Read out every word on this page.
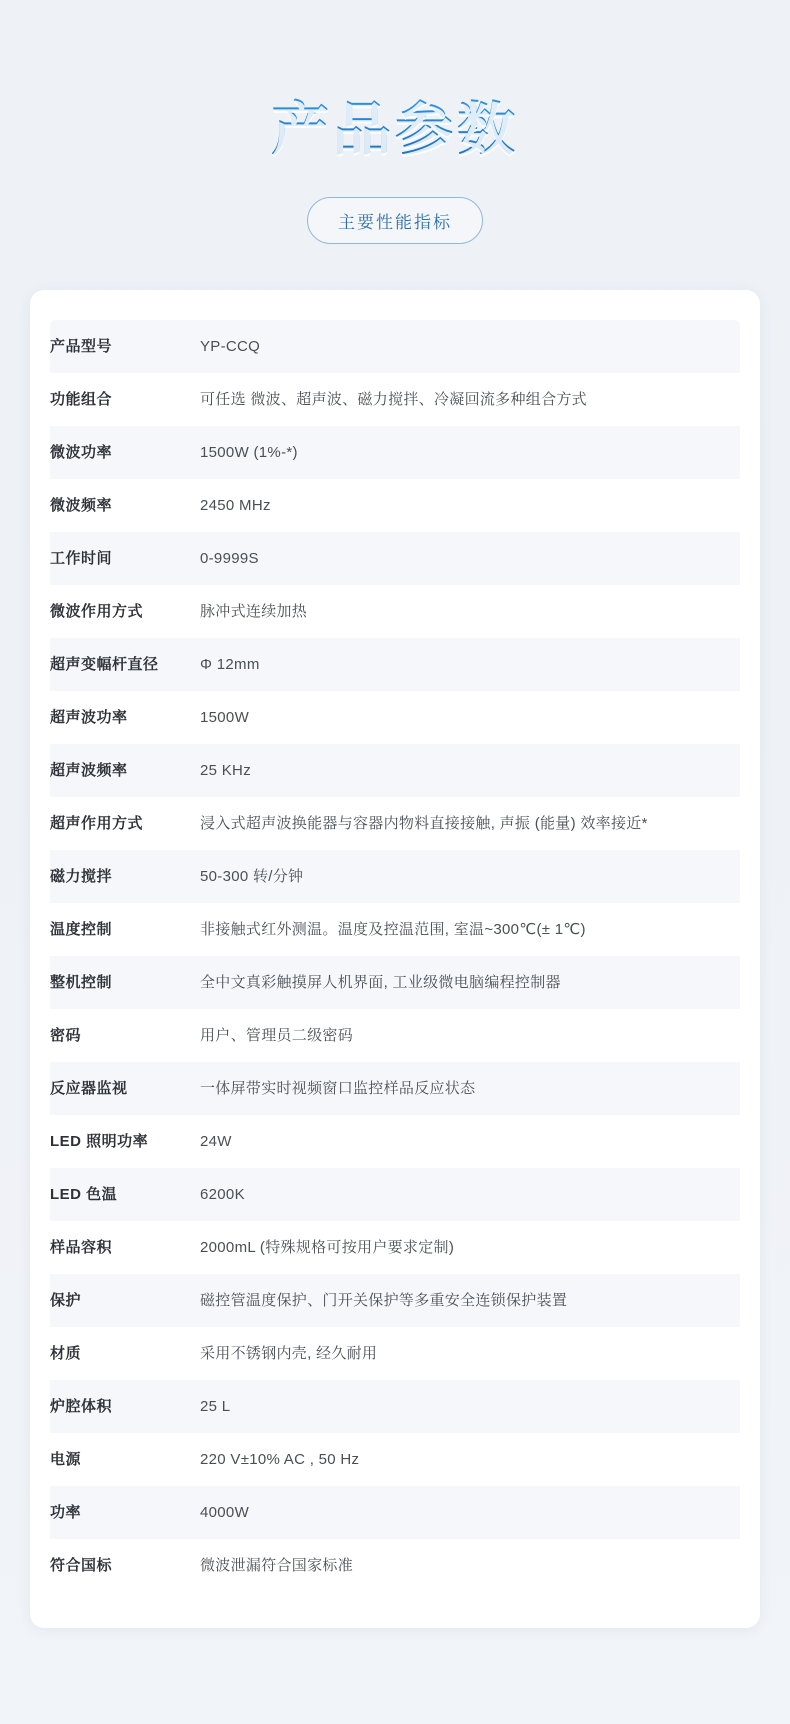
产品参数
主要性能指标
产品型号	YP-CCQ
功能组合	可任选 微波、超声波、磁力搅拌、冷凝回流多种组合方式
微波功率	1500W (1%-*)
微波频率	2450 MHz
工作时间	0-9999S
微波作用方式	脉冲式连续加热
超声变幅杆直径	Φ 12mm
超声波功率	1500W
超声波频率	25 KHz
超声作用方式	浸入式超声波换能器与容器内物料直接接触, 声振 (能量) 效率接近*
磁力搅拌	50-300 转/分钟
温度控制	非接触式红外测温。温度及控温范围, 室温~300℃(± 1℃)
整机控制	全中文真彩触摸屏人机界面, 工业级微电脑编程控制器
密码	用户、管理员二级密码
反应器监视	一体屏带实时视频窗口监控样品反应状态
LED 照明功率	24W
LED 色温	6200K
样品容积	2000mL (特殊规格可按用户要求定制)
保护	磁控管温度保护、门开关保护等多重安全连锁保护装置
材质	采用不锈钢内壳, 经久耐用
炉腔体积	25 L
电源	220 V±10% AC , 50 Hz
功率	4000W
符合国标	微波泄漏符合国家标准
